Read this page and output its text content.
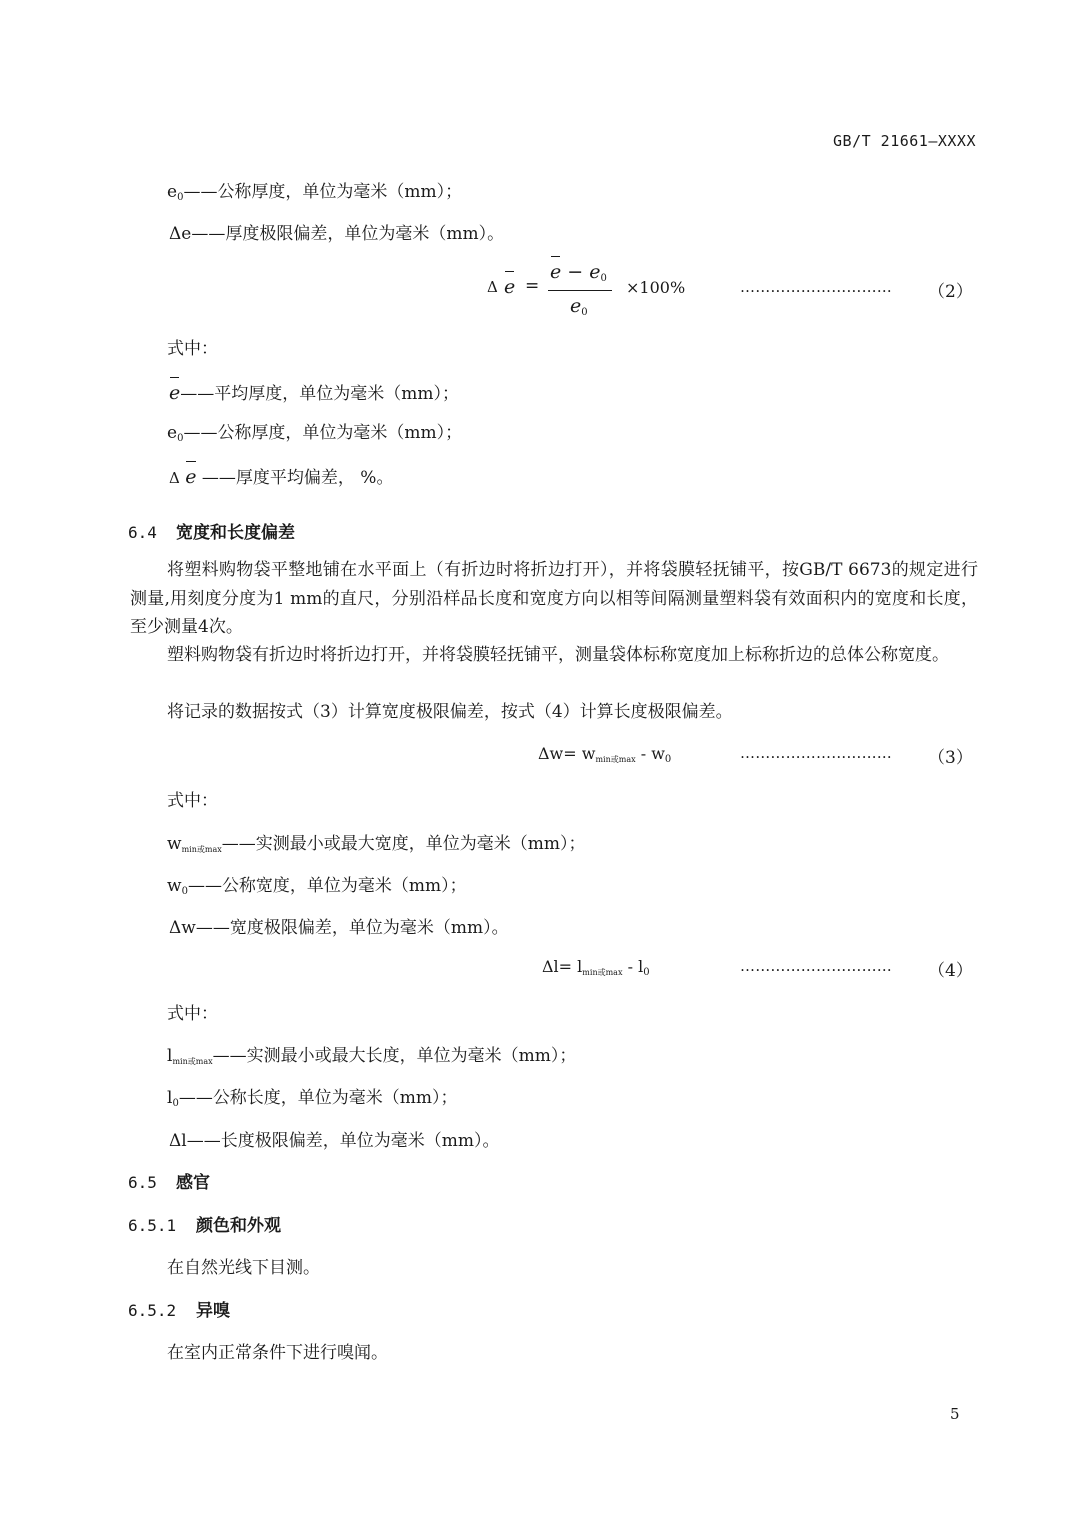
GB/T 21661—XXXX
$e_0——$公称厚度，单位为毫米（mm）；
Δe——厚度极限偏差，单位为毫米（mm）。
Δ e =
$e - e_0$
$e_0$
×100%	………………………… （2）
式中：
e——平均厚度，单位为毫米（mm）；
$e_0——$公称厚度，单位为毫米（mm）；
Δ e ——厚度平均偏差， %。
6.4 宽度和长度偏差
将塑料购物袋平整地铺在水平面上（有折边时将折边打开），并将袋膜轻抚铺平，按GB/T 6673的规定进行测量,用刻度分度为1 mm的直尺，分别沿样品长度和宽度方向以相等间隔测量塑料袋有效面积内的宽度和长度，至少测量4次。
塑料购物袋有折边时将折边打开，并将袋膜轻抚铺平，测量袋体标称宽度加上标称折边的总体公称宽度。
将记录的数据按式（3）计算宽度极限偏差，按式（4）计算长度极限偏差。
Δw= wmin或max - $w_0$	………………………… （3）
式中：
wmin或max——实测最小或最大宽度，单位为毫米（mm）；
$w_0——$公称宽度，单位为毫米（mm）；
Δw——宽度极限偏差，单位为毫米（mm）。
Δl= lmin或max - $l_0$	………………………… （4）
式中：
lmin或max——实测最小或最大长度，单位为毫米（mm）；
$l_0——$公称长度，单位为毫米（mm）；
Δl——长度极限偏差，单位为毫米（mm）。
6.5 感官
6.5.1 颜色和外观
在自然光线下目测。
6.5.2 异嗅
在室内正常条件下进行嗅闻。
5
